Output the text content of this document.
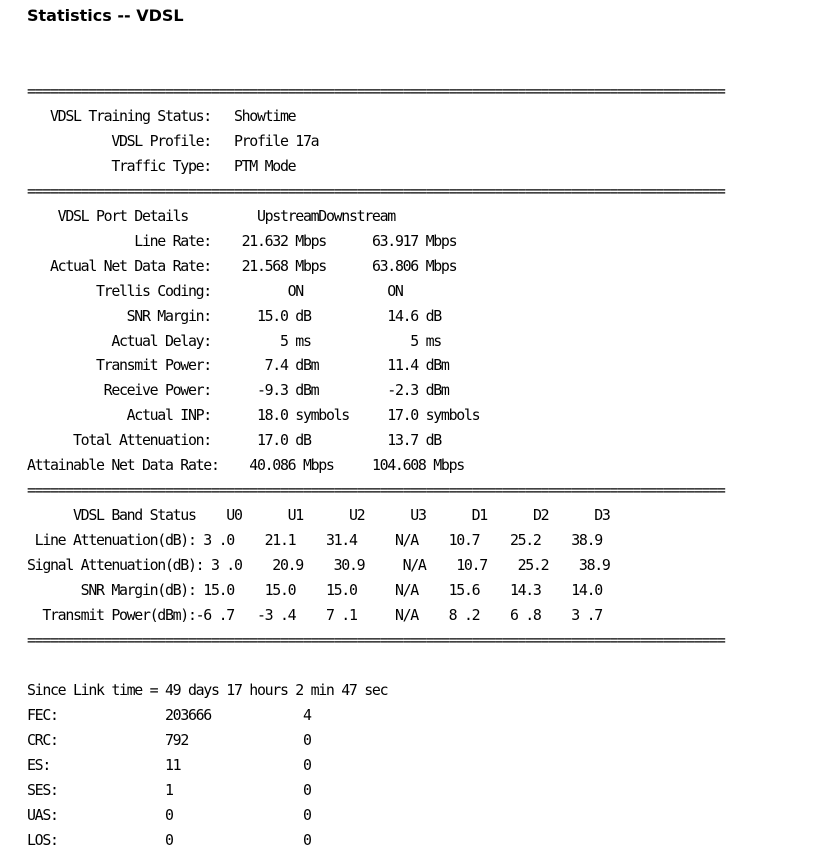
Statistics -- VDSL
===========================================================================================
VDSL Training Status: Showtime
VDSL Profile: Profile 17a
Traffic Type: PTM Mode
===========================================================================================
VDSL Port Details         UpstreamDownstream
Line Rate:    21.632 Mbps      63.917 Mbps
Actual Net Data Rate:    21.568 Mbps      63.806 Mbps
Trellis Coding:          ON           ON
SNR Margin:      15.0 dB          14.6 dB
Actual Delay:         5 ms             5 ms
Transmit Power:       7.4 dBm         11.4 dBm
Receive Power:      -9.3 dBm         -2.3 dBm
Actual INP:      18.0 symbols     17.0 symbols
Total Attenuation:      17.0 dB          13.7 dB
Attainable Net Data Rate:    40.086 Mbps     104.608 Mbps
===========================================================================================
VDSL Band Status    U0      U1      U2      U3      D1      D2      D3
Line Attenuation(dB): 3 .0    21.1    31.4     N/A    10.7    25.2    38.9
Signal Attenuation(dB): 3 .0    20.9    30.9     N/A    10.7    25.2    38.9
SNR Margin(dB): 15.0    15.0    15.0     N/A    15.6    14.3    14.0
Transmit Power(dBm):-6 .7   -3 .4    7 .1     N/A    8 .2    6 .8    3 .7
===========================================================================================

Since Link time = 49 days 17 hours 2 min 47 sec
FEC:              203666            4
CRC:              792               0
ES:               11                0
SES:              1                 0
UAS:              0                 0
LOS:              0                 0
